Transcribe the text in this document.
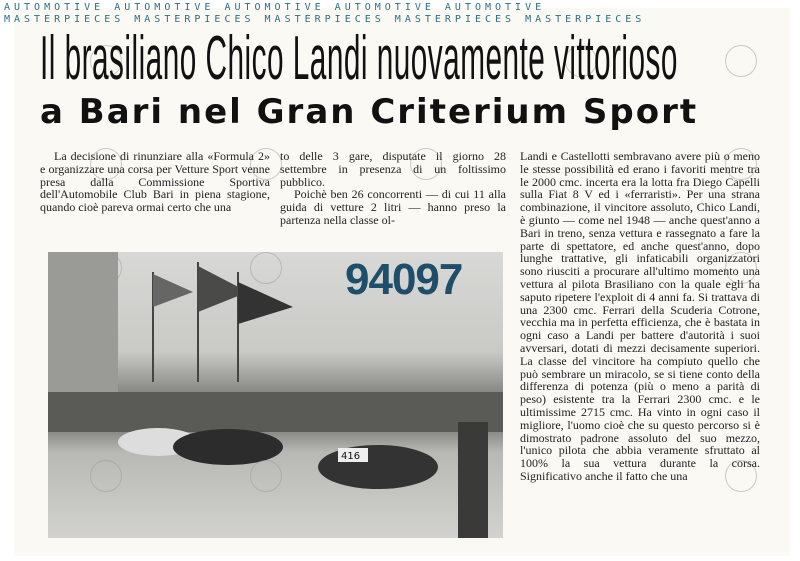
AUTOMOTIVE AUTOMOTIVE AUTOMOTIVE AUTOMOTIVE AUTOMOTIVE
MASTERPIECES MASTERPIECES MASTERPIECES MASTERPIECES MASTERPIECES
Il brasiliano Chico Landi nuovamente vittorioso
a Bari nel Gran Criterium Sport

La decisione di rinunziare alla «Formula 2» e organizzare una corsa per Vetture Sport venne presa dalla Commissione Sportiva dell'Automobile Club Bari in piena stagione, quando cioè pareva ormai certo che una

to delle 3 gare, disputate il giorno 28 settembre in presenza di un foltissimo pubblico.

Poichè ben 26 concorrenti — di cui 11 alla guida di vetture 2 litri — hanno preso la partenza nella classe ol-

Landi e Castellotti sembravano avere più o meno le stesse possibilità ed erano i favoriti mentre tra le 2000 cmc. incerta era la lotta fra Diego Capelli sulla Fiat 8 V ed i «ferraristi». Per una strana combinazione, il vincitore assoluto, Chico Landi, è giunto — come nel 1948 — anche quest'anno a Bari in treno, senza vettura e rassegnato a fare la parte di spettatore, ed anche quest'anno, dopo lunghe trattative, gli infaticabili organizzatori sono riusciti a procurare all'ultimo momento una vettura al pilota Brasiliano con la quale egli ha saputo ripetere l'exploit di 4 anni fa. Si trattava di una 2300 cmc. Ferrari della Scuderia Cotrone, vecchia ma in perfetta efficienza, che è bastata in ogni caso a Landi per battere d'autorità i suoi avversari, dotati di mezzi decisamente superiori. La classe del vincitore ha compiuto quello che può sembrare un miracolo, se si tiene conto della differenza di potenza (più o meno a parità di peso) esistente tra la Ferrari 2300 cmc. e le ultimissime 2715 cmc. Ha vinto in ogni caso il migliore, l'uomo cioè che su questo percorso si è dimostrato padrone assoluto del suo mezzo, l'unico pilota che abbia veramente sfruttato al 100% la sua vettura durante la corsa. Significativo anche il fatto che una

416
94097
